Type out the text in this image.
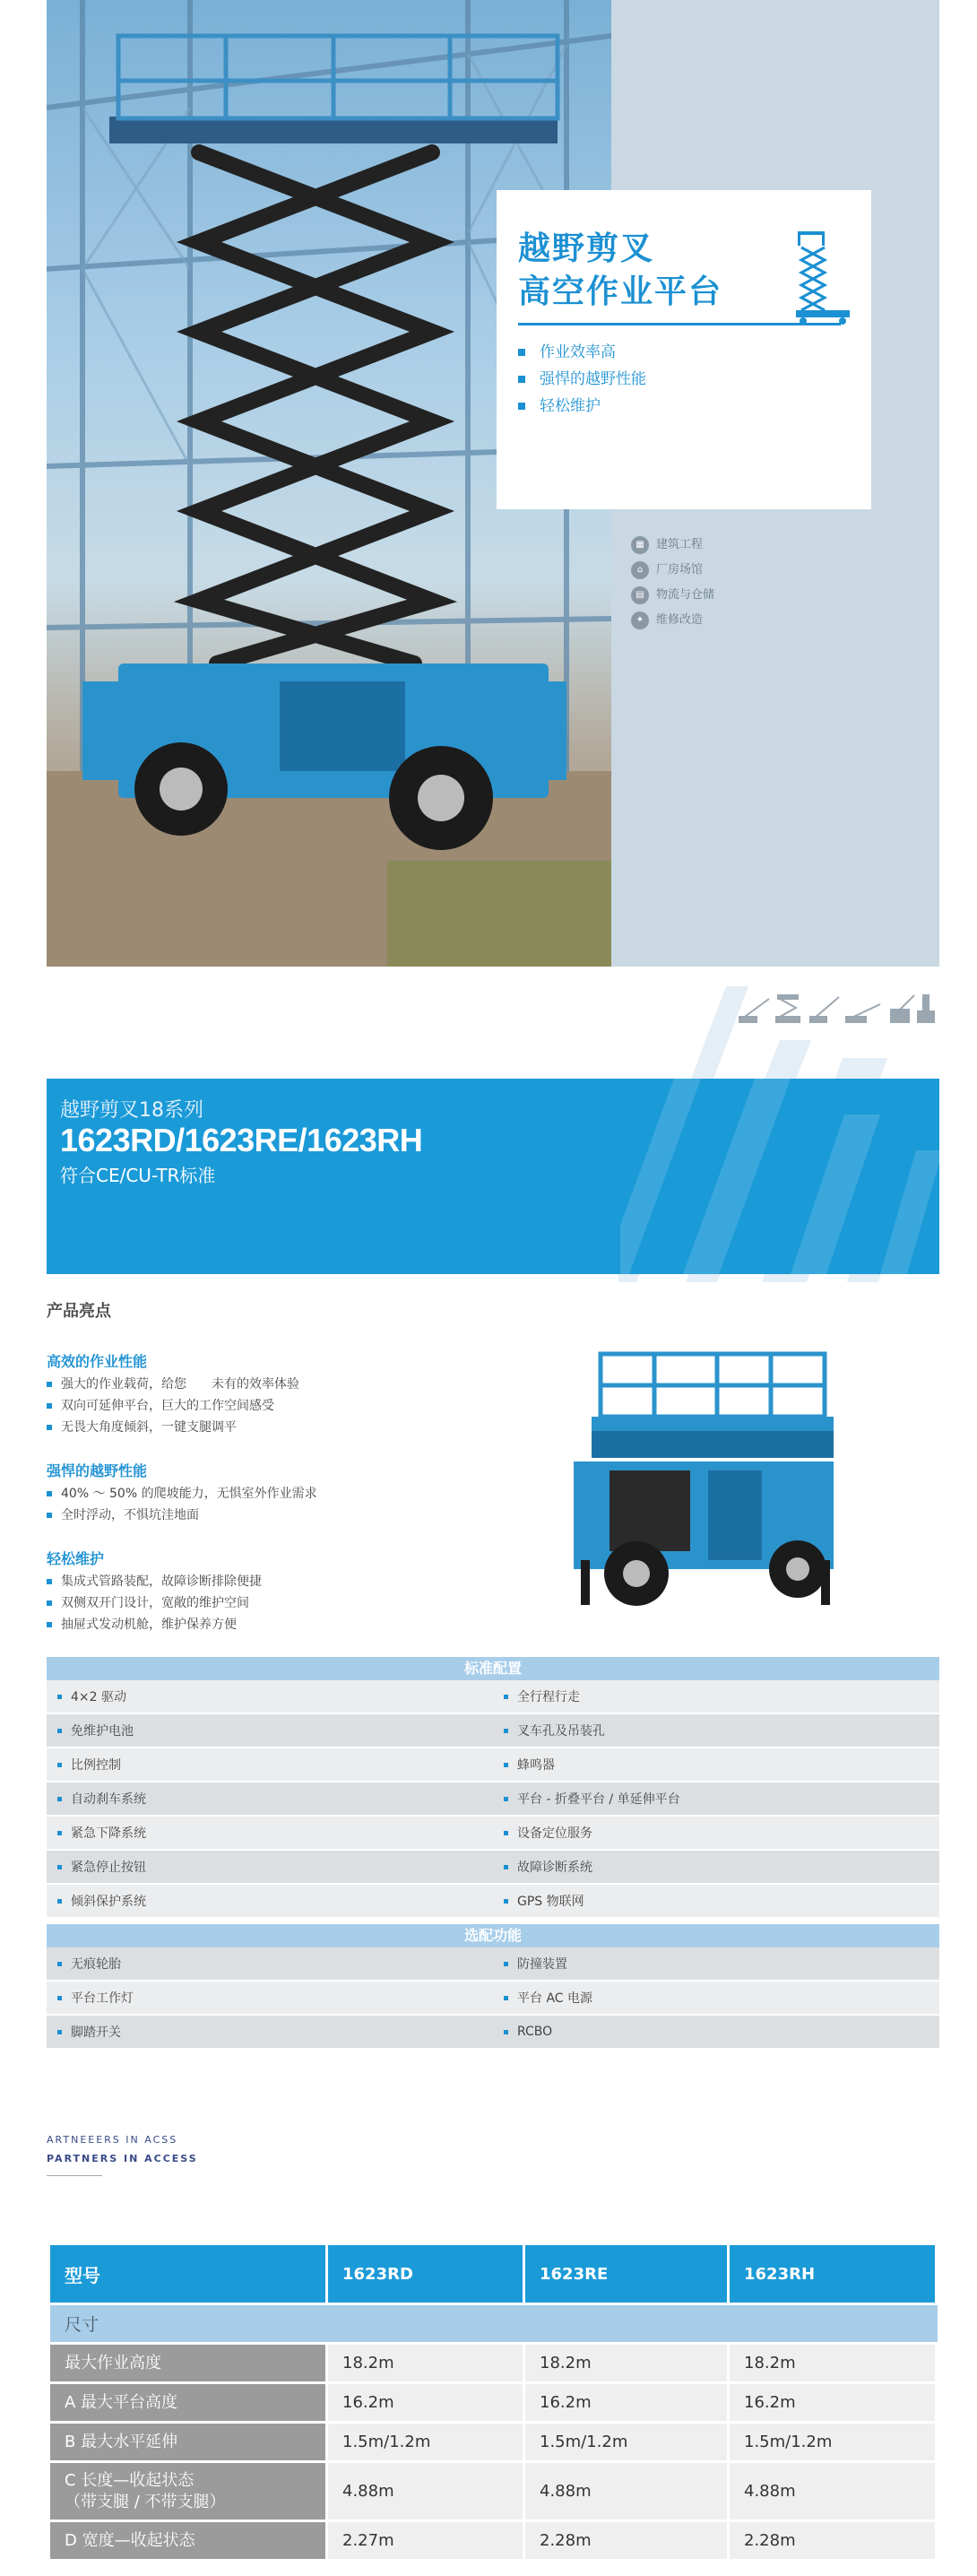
越野剪叉
高空作业平台
作业效率高
强悍的越野性能
轻松维护
▦	建筑工程
⌂	厂房场馆
▤	物流与仓储
✦	维修改造
越野剪叉18系列
1623RD/1623RE/1623RH
符合CE/CU-TR标准
产品亮点
高效的作业性能
强大的作业载荷，给您　　未有的效率体验
双向可延伸平台，巨大的工作空间感受
无畏大角度倾斜，一键支腿调平
强悍的越野性能
40% ～ 50% 的爬坡能力，无惧室外作业需求
全时浮动，不惧坑洼地面
轻松维护
集成式管路装配，故障诊断排除便捷
双侧双开门设计，宽敞的维护空间
抽屉式发动机舱，维护保养方便
标准配置
4×2 驱动	全行程行走
免维护电池	叉车孔及吊装孔
比例控制	蜂鸣器
自动刹车系统	平台 - 折叠平台 / 单延伸平台
紧急下降系统	设备定位服务
紧急停止按钮	故障诊断系统
倾斜保护系统	GPS 物联网
选配功能
无痕轮胎	防撞装置
平台工作灯	平台 AC 电源
脚踏开关	RCBO
ARTNEEERS IN ACSS
PARTNERS IN ACCESS
型号	1623RD	1623RE	1623RH
尺寸
最大作业高度	18.2m	18.2m	18.2m
A 最大平台高度	16.2m	16.2m	16.2m
B 最大水平延伸	1.5m/1.2m	1.5m/1.2m	1.5m/1.2m
C 长度—收起状态
（带支腿 / 不带支腿）
4.88m	4.88m	4.88m
D 宽度—收起状态	2.27m	2.28m	2.28m
